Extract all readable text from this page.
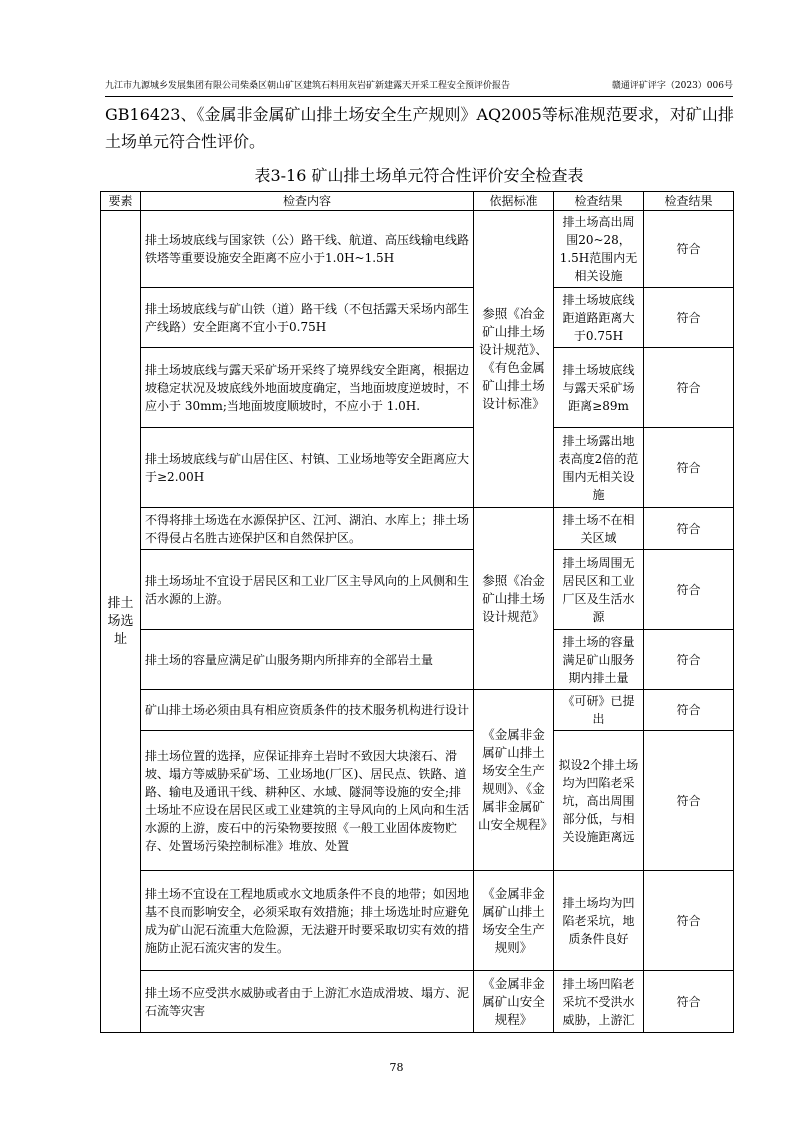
九江市九源城乡发展集团有限公司柴桑区朝山矿区建筑石料用灰岩矿新建露天开采工程安全预评价报告	赣通评矿评字（2023）006号
GB16423、《金属非金属矿山排土场安全生产规则》AQ2005等标准规范要求，对矿山排土场单元符合性评价。
表3-16 矿山排土场单元符合性评价安全检查表
要素	检查内容	依据标准	检查结果	检查结果
排土场选址	排土场坡底线与国家铁（公）路干线、航道、高压线输电线路铁塔等重要设施安全距离不应小于1.0H~1.5H	参照《冶金矿山排土场设计规范》、《有色金属矿山排土场设计标准》	排土场高出周围20~28，1.5H范围内无相关设施	符合
	排土场坡底线与矿山铁（道）路干线（不包括露天采场内部生产线路）安全距离不宜小于0.75H		排土场坡底线距道路距离大于0.75H	符合
	排土场坡底线与露天采矿场开采终了境界线安全距离，根据边坡稳定状况及坡底线外地面坡度确定，当地面坡度逆坡时，不应小于 30mm;当地面坡度顺坡时，不应小于 1.0H.		排土场坡底线与露天采矿场距离≥89m	符合
	排土场坡底线与矿山居住区、村镇、工业场地等安全距离应大于≥2.00H		排土场露出地表高度2倍的范围内无相关设施	符合
	不得将排土场选在水源保护区、江河、湖泊、水库上；排土场不得侵占名胜古迹保护区和自然保护区。	参照《冶金矿山排土场设计规范》	排土场不在相关区域	符合
	排土场场址不宜设于居民区和工业厂区主导风向的上风侧和生活水源的上游。		排土场周围无居民区和工业厂区及生活水源	符合
	排土场的容量应满足矿山服务期内所排弃的全部岩土量		排土场的容量满足矿山服务期内排土量	符合
	矿山排土场必须由具有相应资质条件的技术服务机构进行设计	《金属非金属矿山排土场安全生产规则》、《金属非金属矿山安全规程》	《可研》已提出	符合
	排土场位置的选择，应保证排弃土岩时不致因大块滚石、滑坡、塌方等威胁采矿场、工业场地(厂区)、居民点、铁路、道路、输电及通讯干线、耕种区、水域、隧洞等设施的安全;排土场址不应设在居民区或工业建筑的主导风向的上风向和生活水源的上游，废石中的污染物要按照《一般工业固体废物贮存、处置场污染控制标准》堆放、处置		拟设2个排土场均为凹陷老采坑，高出周围部分低，与相关设施距离远	符合
	排土场不宜设在工程地质或水文地质条件不良的地带；如因地基不良而影响安全，必须采取有效措施；排土场选址时应避免成为矿山泥石流重大危险源，无法避开时要采取切实有效的措施防止泥石流灾害的发生。	《金属非金属矿山排土场安全生产规则》	排土场均为凹陷老采坑，地质条件良好	符合
	排土场不应受洪水威胁或者由于上游汇水造成滑坡、塌方、泥石流等灾害	《金属非金属矿山安全规程》	排土场凹陷老采坑不受洪水威胁，上游汇	符合
78
